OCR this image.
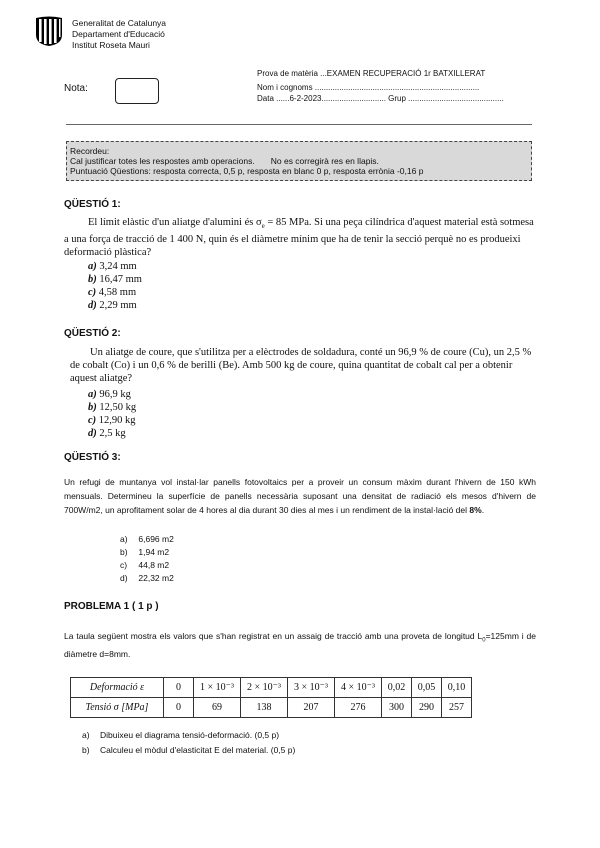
Generalitat de Catalunya
Departament d'Educació
Institut Roseta Mauri
Nota:
Prova de matèria ...EXAMEN RECUPERACIÓ 1r BATXILLERAT
Nom i cognoms ..........................................................................
Data ......6-2-2023............................. Grup ...........................................
Recordeu:
Cal justificar totes les respostes amb operacions. No es corregirà res en llapis.
Puntuació Qüestions: resposta correcta, 0,5 p, resposta en blanc 0 p, resposta errònia -0,16 p
QÜESTIÓ 1:
El límit elàstic d'un aliatge d'alumini és $\sigma_e = 85$ MPa. Si una peça cilíndrica d'aquest material està sotmesa a una força de tracció de 1 400 N, quin és el diàmetre mínim que ha de tenir la secció perquè no es produeixi deformació plàstica?
a) 3,24 mm
b) 16,47 mm
c) 4,58 mm
d) 2,29 mm
QÜESTIÓ 2:
Un aliatge de coure, que s'utilitza per a elèctrodes de soldadura, conté un 96,9 % de coure (Cu), un 2,5 % de cobalt (Co) i un 0,6 % de berilli (Be). Amb 500 kg de coure, quina quantitat de cobalt cal per a obtenir aquest aliatge?
a) 96,9 kg
b) 12,50 kg
c) 12,90 kg
d) 2,5 kg
QÜESTIÓ 3:
Un refugi de muntanya vol instal·lar panells fotovoltaics per a proveir un consum màxim durant l'hivern de 150 kWh mensuals. Determineu la superfície de panells necessària suposant una densitat de radiació els mesos d'hivern de 700W/m2, un aprofitament solar de 4 hores al dia durant 30 dies al mes i un rendiment de la instal·lació del 8%.
a) 6,696 m2
b) 1,94 m2
c) 44,8 m2
d) 22,32 m2
PROBLEMA 1 ( 1 p )
La taula següent mostra els valors que s'han registrat en un assaig de tracció amb una proveta de longitud $L_0=125mm$ i de diàmetre d=8mm.
Deformació ε	0	1 × 10⁻³	2 × 10⁻³	3 × 10⁻³	4 × 10⁻³	0,02	0,05	0,10
Tensió σ [MPa]	0	69	138	207	276	300	290	257
a) Dibuixeu el diagrama tensió-deformació. (0,5 p)
b) Calculeu el mòdul d'elasticitat E del material. (0,5 p)
